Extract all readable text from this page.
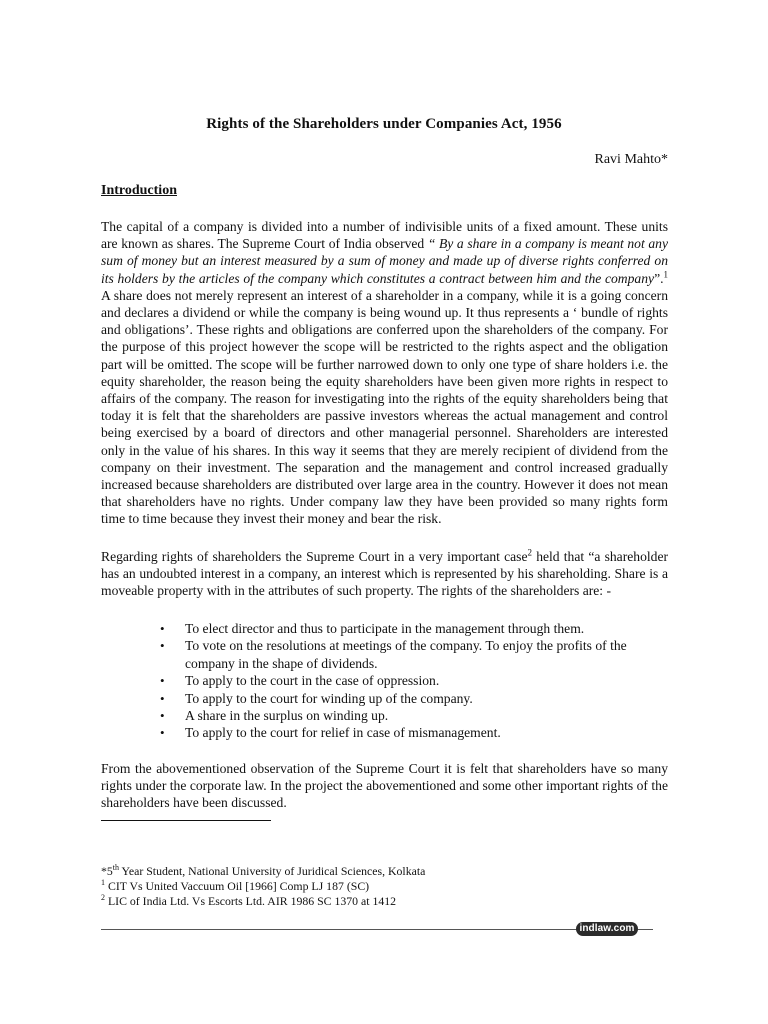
Rights of the Shareholders under Companies Act, 1956
Ravi Mahto*
Introduction

The capital of a company is divided into a number of indivisible units of a fixed amount. These units are known as shares. The Supreme Court of India observed “ By a share in a company is meant not any sum of money but an interest measured by a sum of money and made up of diverse rights conferred on its holders by the articles of the company which constitutes a contract between him and the company”.$^1$ A share does not merely represent an interest of a shareholder in a company, while it is a going concern and declares a dividend or while the company is being wound up. It thus represents a ‘ bundle of rights and obligations’. These rights and obligations are conferred upon the shareholders of the company. For the purpose of this project however the scope will be restricted to the rights aspect and the obligation part will be omitted. The scope will be further narrowed down to only one type of share holders i.e. the equity shareholder, the reason being the equity shareholders have been given more rights in respect to affairs of the company. The reason for investigating into the rights of the equity shareholders being that today it is felt that the shareholders are passive investors whereas the actual management and control being exercised by a board of directors and other managerial personnel. Shareholders are interested only in the value of his shares. In this way it seems that they are merely recipient of dividend from the company on their investment. The separation and the management and control increased gradually increased because shareholders are distributed over large area in the country. However it does not mean that shareholders have no rights. Under company law they have been provided so many rights form time to time because they invest their money and bear the risk.

Regarding rights of shareholders the Supreme Court in a very important case$^2$ held that “a shareholder has an undoubted interest in a company, an interest which is represented by his shareholding. Share is a moveable property with in the attributes of such property. The rights of the shareholders are: -

• To elect director and thus to participate in the management through them.
• To vote on the resolutions at meetings of the company. To enjoy the profits of the company in the shape of dividends.
• To apply to the court in the case of oppression.
• To apply to the court for winding up of the company.
• A share in the surplus on winding up.
• To apply to the court for relief in case of mismanagement.

From the abovementioned observation of the Supreme Court it is felt that shareholders have so many rights under the corporate law. In the project the abovementioned and some other important rights of the shareholders have been discussed.

*5th Year Student, National University of Juridical Sciences, Kolkata
$^1$ CIT Vs United Vaccuum Oil [1966] Comp LJ 187 (SC)
$^2$ LIC of India Ltd. Vs Escorts Ltd. AIR 1986 SC 1370 at 1412
indlaw.com
